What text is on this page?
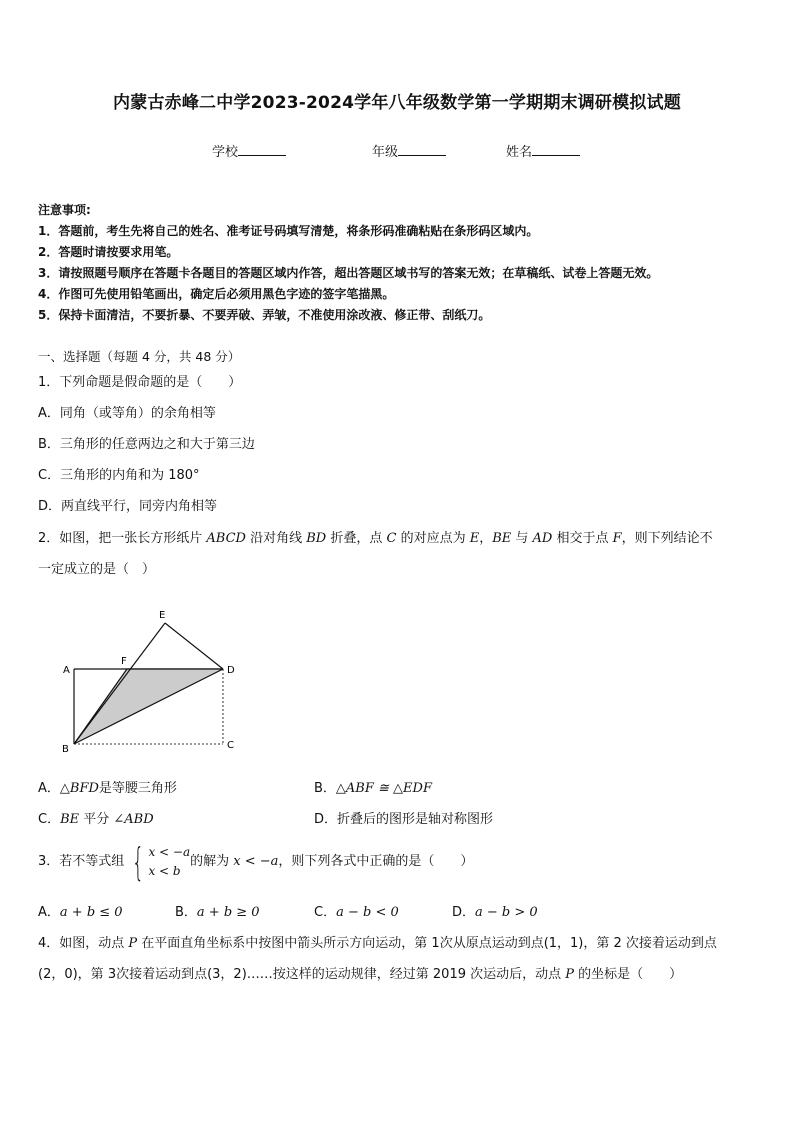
内蒙古赤峰二中学2023-2024学年八年级数学第一学期期末调研模拟试题
学校	年级	姓名
注意事项:
1．答题前，考生先将自己的姓名、准考证号码填写清楚，将条形码准确粘贴在条形码区域内。
2．答题时请按要求用笔。
3．请按照题号顺序在答题卡各题目的答题区域内作答，超出答题区域书写的答案无效；在草稿纸、试卷上答题无效。
4．作图可先使用铅笔画出，确定后必须用黑色字迹的签字笔描黑。
5．保持卡面清洁，不要折暴、不要弄破、弄皱，不准使用涂改液、修正带、刮纸刀。
一、选择题（每题 4 分，共 48 分）
1．下列命题是假命题的是（　　）
A．同角（或等角）的余角相等
B．三角形的任意两边之和大于第三边
C．三角形的内角和为 180°
D．两直线平行，同旁内角相等
2．如图，把一张长方形纸片 ABCD 沿对角线 BD 折叠，点 C 的对应点为 E，BE 与 AD 相交于点 F，则下列结论不
一定成立的是（　）
E
A
F
D
B	C
A．△BFD是等腰三角形	B．△ABF ≅ △EDF
C．BE 平分 ∠ABD	D．折叠后的图形是轴对称图形
3．若不等式组 { x < −a
x < b
的解为 x < −a，则下列各式中正确的是（　　）
A．a + b ≤ 0	B．a + b ≥ 0	C．a − b < 0	D．a − b > 0
4．如图，动点 P 在平面直角坐标系中按图中箭头所示方向运动，第 1次从原点运动到点(1，1)，第 2 次接着运动到点
(2，0)，第 3次接着运动到点(3，2)……按这样的运动规律，经过第 2019 次运动后，动点 P 的坐标是（　　）
